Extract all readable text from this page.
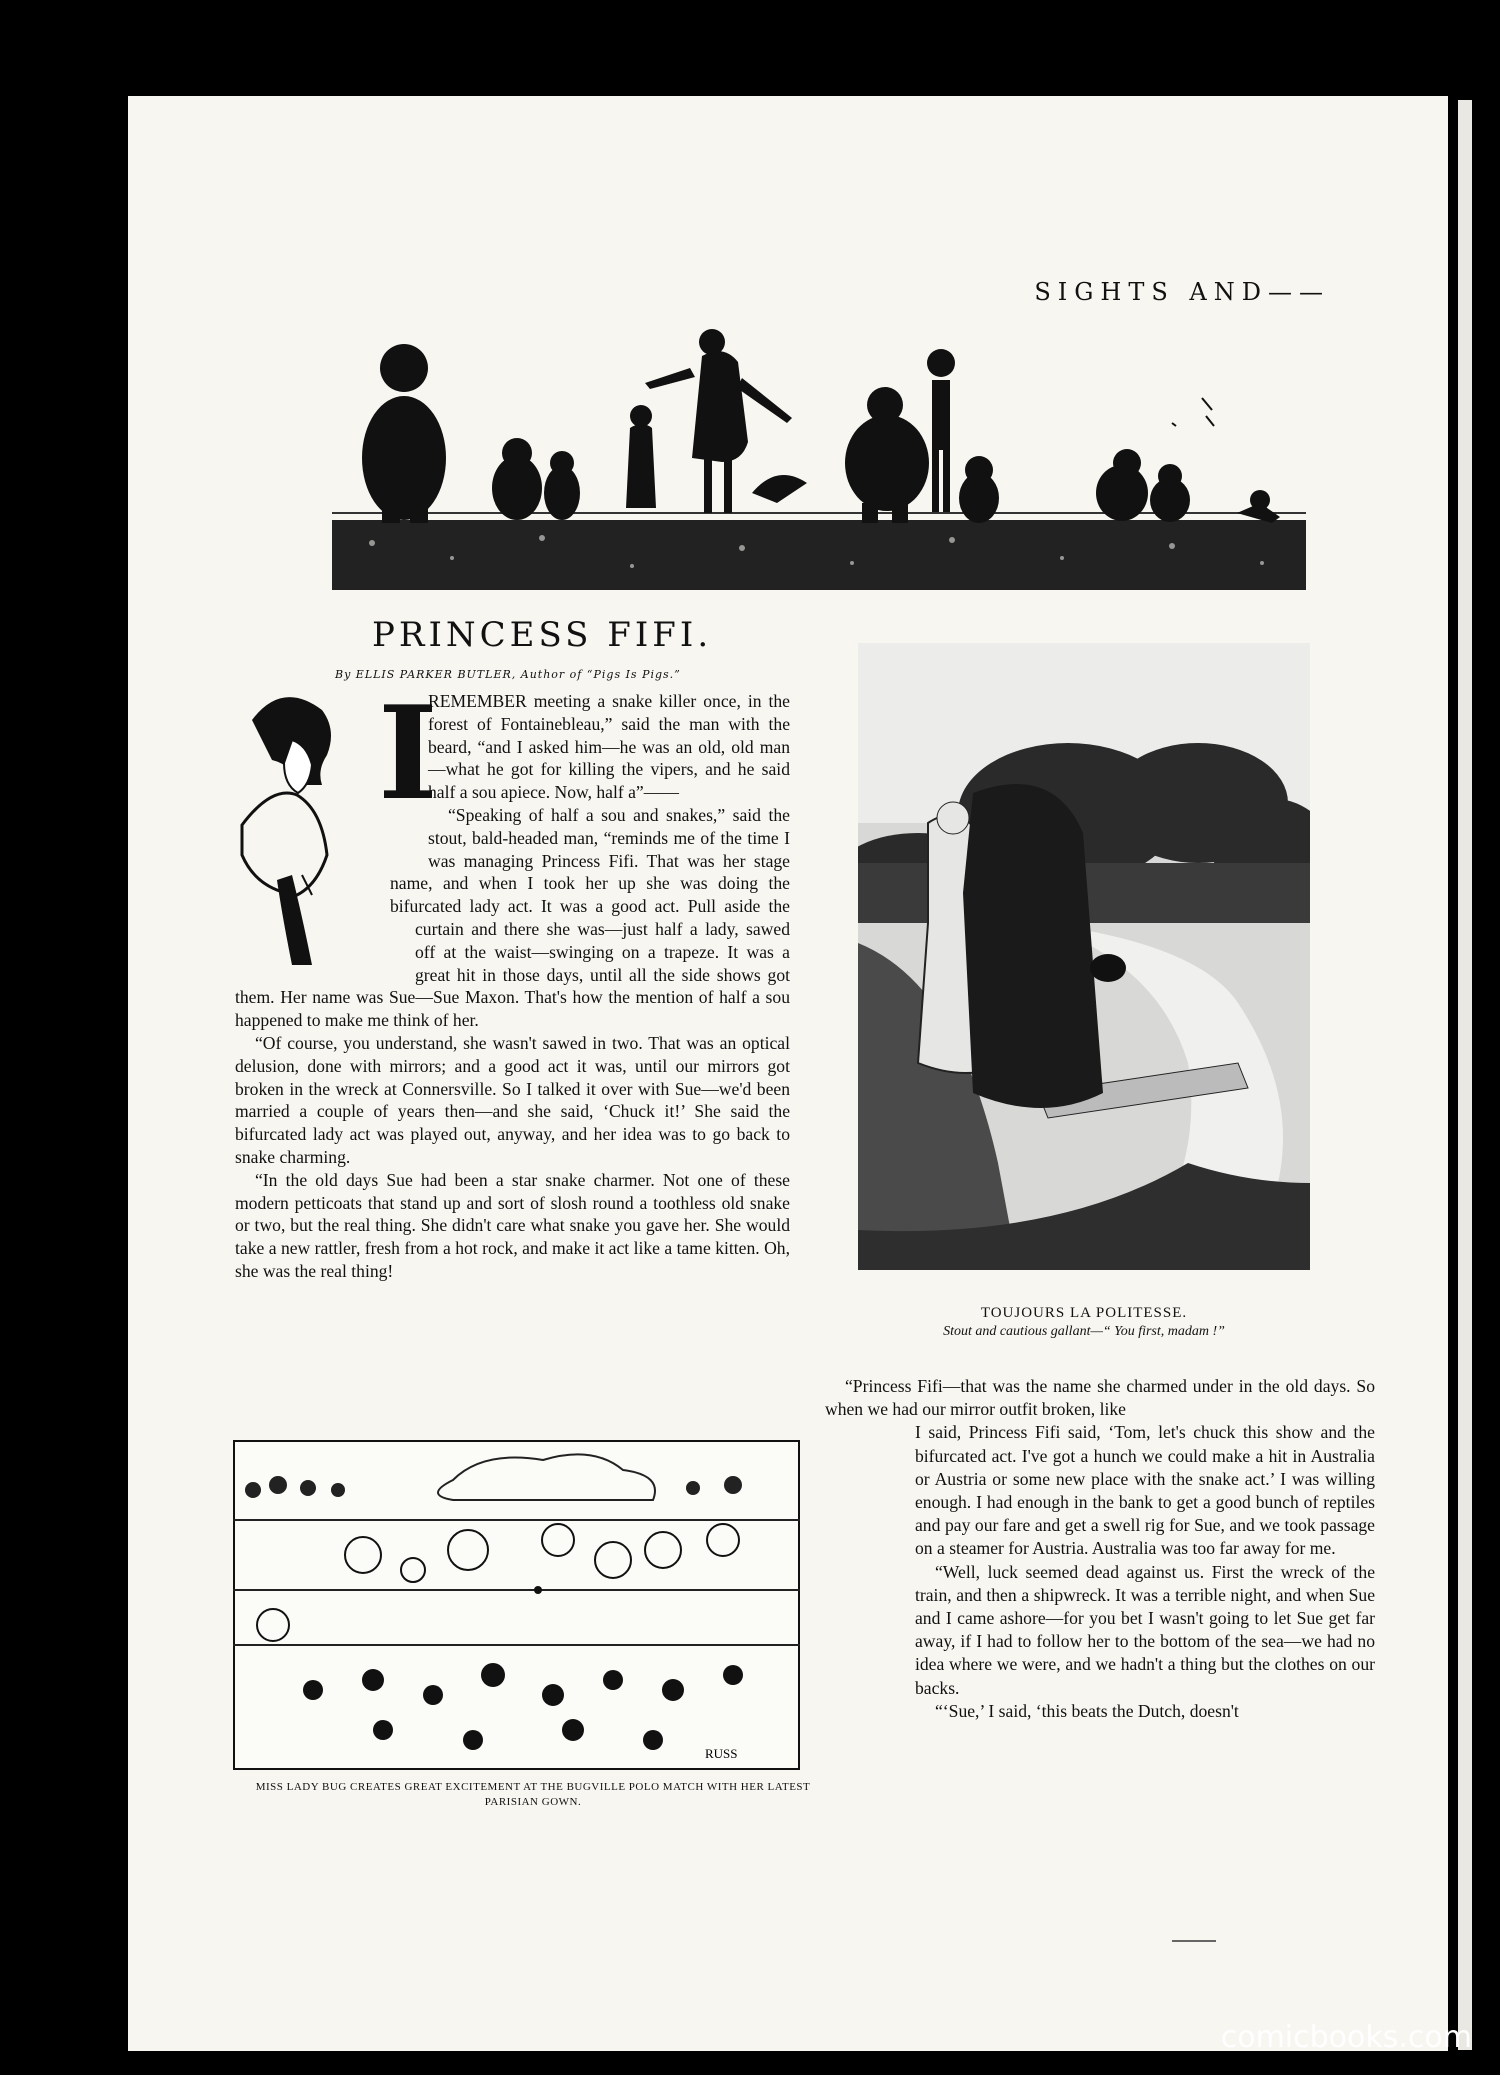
SIGHTS AND——
PRINCESS FIFI.
By ELLIS PARKER BUTLER, Author of “Pigs Is Pigs.”
I

REMEMBER meeting a snake killer once, in the forest of Fontainebleau,” said the man with the beard, “and I asked him—he was an old, old man—what he got for killing the vipers, and he said half a sou apiece. Now, half a”——

“Speaking of half a sou and snakes,” said the stout, bald-headed man, “reminds me of the time I was managing Princess Fifi. That was her stage name, and when I took her up she was doing the bifurcated lady act. It was a good act. Pull aside the curtain and there she was—just half a lady, sawed off at the waist—swinging on a trapeze. It was a great hit in those days, until all the side shows got them. Her name was Sue—Sue Maxon. That's how the mention of half a sou happened to make me think of her.

“Of course, you understand, she wasn't sawed in two. That was an optical delusion, done with mirrors; and a good act it was, until our mirrors got broken in the wreck at Connersville. So I talked it over with Sue—we'd been married a couple of years then—and she said, ‘Chuck it!’ She said the bifurcated lady act was played out, anyway, and her idea was to go back to snake charming.

“In the old days Sue had been a star snake charmer. Not one of these modern petticoats that stand up and sort of slosh round a toothless old snake or two, but the real thing. She didn't care what snake you gave her. She would take a new rattler, fresh from a hot rock, and make it act like a tame kitten. Oh, she was the real thing!

TOUJOURS LA POLITESSE.
Stout and cautious gallant—“ You first, madam !”

“Princess Fifi—that was the name she charmed under in the old days. So when we had our mirror outfit broken, like

I said, Princess Fifi said, ‘Tom, let's chuck this show and the bifurcated act. I've got a hunch we could make a hit in Australia or Austria or some new place with the snake act.’ I was willing enough. I had enough in the bank to get a good bunch of reptiles and pay our fare and get a swell rig for Sue, and we took passage on a steamer for Austria. Australia was too far away for me.

“Well, luck seemed dead against us. First the wreck of the train, and then a shipwreck. It was a terrible night, and when Sue and I came ashore—for you bet I wasn't going to let Sue get far away, if I had to follow her to the bottom of the sea—we had no idea where we were, and we hadn't a thing but the clothes on our backs.

“‘Sue,’ I said, ‘this beats the Dutch, doesn't

RUSS
MISS LADY BUG CREATES GREAT EXCITEMENT AT THE BUGVILLE POLO MATCH WITH HER LATEST PARISIAN GOWN.
comicbooks.com
